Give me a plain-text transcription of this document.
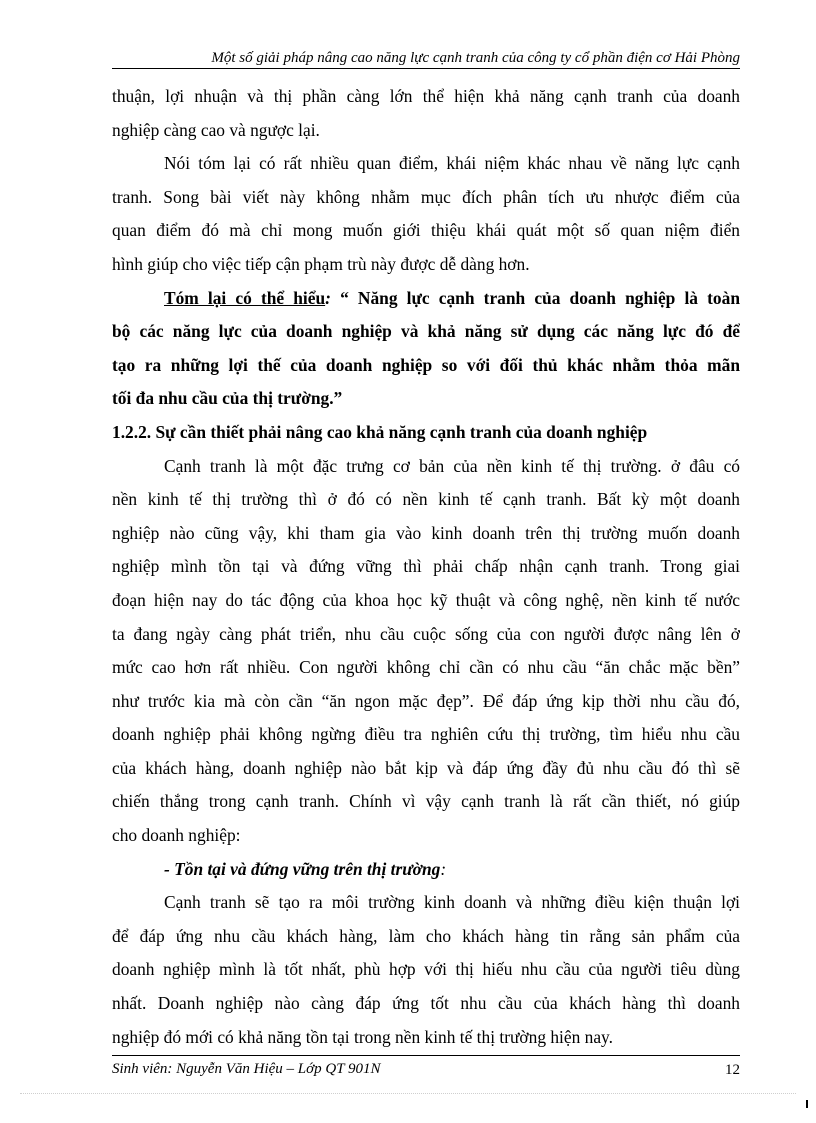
Một số giải pháp nâng cao năng lực cạnh tranh của công ty cổ phần điện cơ Hải Phòng
thuận, lợi nhuận và thị phần càng lớn thể hiện khả năng cạnh tranh của doanh
nghiệp càng cao và ngược lại.
Nói tóm lại có rất nhiều quan điểm, khái niệm khác nhau về năng lực cạnh
tranh. Song bài viết này không nhằm mục đích phân tích ưu nhược điểm của
quan điểm đó mà chỉ mong muốn giới thiệu khái quát một số quan niệm điển
hình giúp cho việc tiếp cận phạm trù này được dễ dàng hơn.
Tóm lại có thể hiểu: “ Năng lực cạnh tranh của doanh nghiệp là toàn
bộ các năng lực của doanh nghiệp và khả năng sử dụng các năng lực đó để
tạo ra những lợi thế của doanh nghiệp so với đối thủ khác nhằm thỏa mãn
tối đa nhu cầu của thị trường.”
1.2.2. Sự cần thiết phải nâng cao khả năng cạnh tranh của doanh nghiệp
Cạnh tranh là một đặc trưng cơ bản của nền kinh tế thị trường. ở đâu có
nền kinh tế thị trường thì ở đó có nền kinh tế cạnh tranh. Bất kỳ một doanh
nghiệp nào cũng vậy, khi tham gia vào kinh doanh trên thị trường muốn doanh
nghiệp mình tồn tại và đứng vững thì phải chấp nhận cạnh tranh. Trong giai
đoạn hiện nay do tác động của khoa học kỹ thuật và công nghệ, nền kinh tế nước
ta đang ngày càng phát triển, nhu cầu cuộc sống của con người được nâng lên ở
mức cao hơn rất nhiều. Con người không chỉ cần có nhu cầu “ăn chắc mặc bền”
như trước kia mà còn cần “ăn ngon mặc đẹp”. Để đáp ứng kịp thời nhu cầu đó,
doanh nghiệp phải không ngừng điều tra nghiên cứu thị trường, tìm hiểu nhu cầu
của khách hàng, doanh nghiệp nào bắt kịp và đáp ứng đầy đủ nhu cầu đó thì sẽ
chiến thắng trong cạnh tranh. Chính vì vậy cạnh tranh là rất cần thiết, nó giúp
cho doanh nghiệp:
- Tồn tại và đứng vững trên thị trường:
Cạnh tranh sẽ tạo ra môi trường kinh doanh và những điều kiện thuận lợi
để đáp ứng nhu cầu khách hàng, làm cho khách hàng tin rằng sản phẩm của
doanh nghiệp mình là tốt nhất, phù hợp với thị hiếu nhu cầu của người tiêu dùng
nhất. Doanh nghiệp nào càng đáp ứng tốt nhu cầu của khách hàng thì doanh
nghiệp đó mới có khả năng tồn tại trong nền kinh tế thị trường hiện nay.
Sinh viên: Nguyễn Văn Hiệu – Lớp QT 901N	12
